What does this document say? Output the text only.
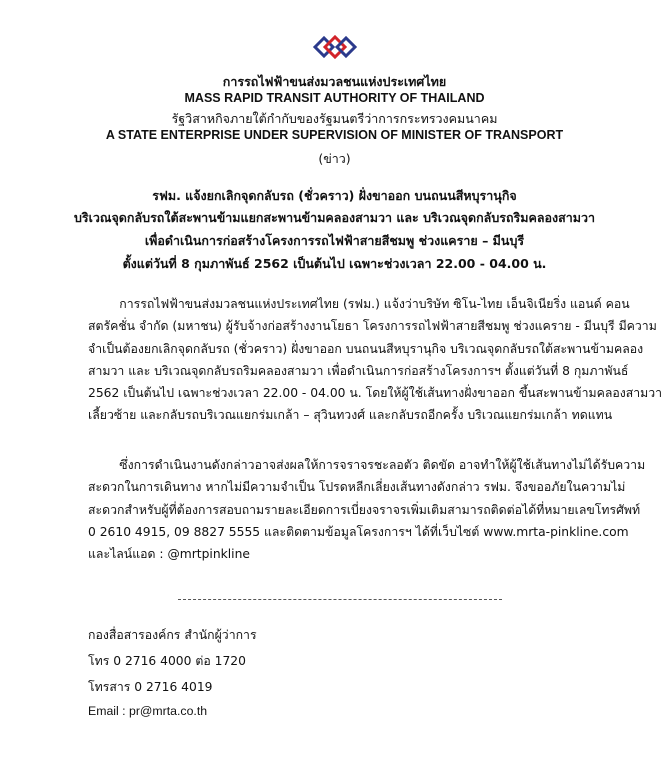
การรถไฟฟ้าขนส่งมวลชนแห่งประเทศไทย
MASS RAPID TRANSIT AUTHORITY OF THAILAND
รัฐวิสาหกิจภายใต้กำกับของรัฐมนตรีว่าการกระทรวงคมนาคม
A STATE ENTERPRISE UNDER SUPERVISION OF MINISTER OF TRANSPORT
(ข่าว)
รฟม. แจ้งยกเลิกจุดกลับรถ (ชั่วคราว) ฝั่งขาออก บนถนนสีหบุรานุกิจ
บริเวณจุดกลับรถใต้สะพานข้ามแยกสะพานข้ามคลองสามวา และ บริเวณจุดกลับรถริมคลองสามวา
เพื่อดำเนินการก่อสร้างโครงการรถไฟฟ้าสายสีชมพู ช่วงแคราย – มีนบุรี
ตั้งแต่วันที่ 8 กุมภาพันธ์ 2562 เป็นต้นไป เฉพาะช่วงเวลา 22.00 - 04.00 น.
การรถไฟฟ้าขนส่งมวลชนแห่งประเทศไทย (รฟม.) แจ้งว่าบริษัท ซิโน-ไทย เอ็นจิเนียริ่ง แอนด์ คอน
สตรัคชั่น จำกัด (มหาชน) ผู้รับจ้างก่อสร้างงานโยธา โครงการรถไฟฟ้าสายสีชมพู ช่วงแคราย - มีนบุรี มีความ
จำเป็นต้องยกเลิกจุดกลับรถ (ชั่วคราว) ฝั่งขาออก บนถนนสีหบุรานุกิจ บริเวณจุดกลับรถใต้สะพานข้ามคลอง
สามวา และ บริเวณจุดกลับรถริมคลองสามวา เพื่อดำเนินการก่อสร้างโครงการฯ ตั้งแต่วันที่ 8 กุมภาพันธ์
2562 เป็นต้นไป เฉพาะช่วงเวลา 22.00 - 04.00 น. โดยให้ผู้ใช้เส้นทางฝั่งขาออก ขึ้นสะพานข้ามคลองสามวา
เลี้ยวซ้าย และกลับรถบริเวณแยกร่มเกล้า – สุวินทวงศ์ และกลับรถอีกครั้ง บริเวณแยกร่มเกล้า ทดแทน
ซึ่งการดำเนินงานดังกล่าวอาจส่งผลให้การจราจรชะลอตัว ติดขัด อาจทำให้ผู้ใช้เส้นทางไม่ได้รับความ
สะดวกในการเดินทาง หากไม่มีความจำเป็น โปรดหลีกเลี่ยงเส้นทางดังกล่าว รฟม. จึงขออภัยในความไม่
สะดวกสำหรับผู้ที่ต้องการสอบถามรายละเอียดการเบี่ยงจราจรเพิ่มเติมสามารถติดต่อได้ที่หมายเลขโทรศัพท์
0 2610 4915, 09 8827 5555 และติดตามข้อมูลโครงการฯ ได้ที่เว็บไซต์ www.mrta-pinkline.com
และไลน์แอด : @mrtpinkline
กองสื่อสารองค์กร สำนักผู้ว่าการ
โทร 0 2716 4000 ต่อ 1720
โทรสาร 0 2716 4019
Email : pr@mrta.co.th
